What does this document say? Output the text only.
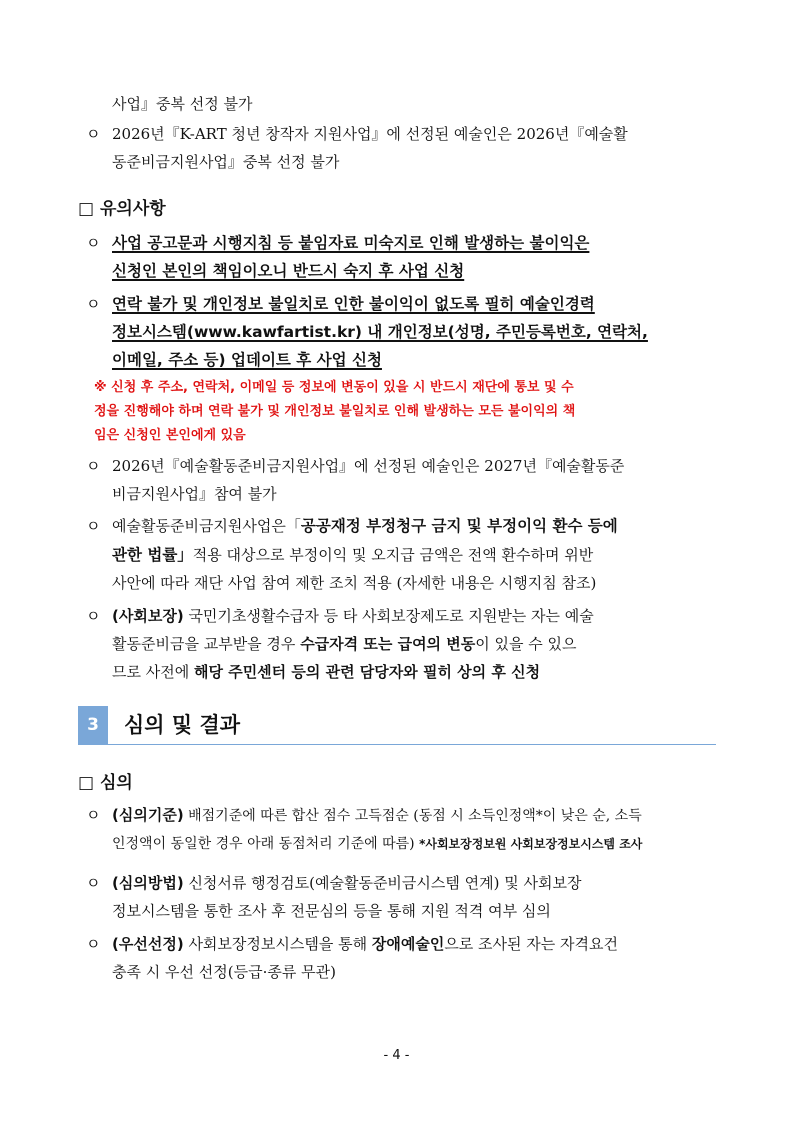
사업』중복 선정 불가
ㅇ 2026년『K-ART 청년 창작자 지원사업』에 선정된 예술인은 2026년『예술활
동준비금지원사업』중복 선정 불가
□ 유의사항
ㅇ 사업 공고문과 시행지침 등 붙임자료 미숙지로 인해 발생하는 불이익은
신청인 본인의 책임이오니 반드시 숙지 후 사업 신청
ㅇ 연락 불가 및 개인정보 불일치로 인한 불이익이 없도록 필히 예술인경력
정보시스템(www.kawfartist.kr) 내 개인정보(성명, 주민등록번호, 연락처,
이메일, 주소 등) 업데이트 후 사업 신청
※ 신청 후 주소, 연락처, 이메일 등 정보에 변동이 있을 시 반드시 재단에 통보 및 수
정을 진행해야 하며 연락 불가 및 개인정보 불일치로 인해 발생하는 모든 불이익의 책
임은 신청인 본인에게 있음
ㅇ 2026년『예술활동준비금지원사업』에 선정된 예술인은 2027년『예술활동준
비금지원사업』참여 불가
ㅇ 예술활동준비금지원사업은「공공재정 부정청구 금지 및 부정이익 환수 등에
관한 법률」적용 대상으로 부정이익 및 오지급 금액은 전액 환수하며 위반
사안에 따라 재단 사업 참여 제한 조치 적용 (자세한 내용은 시행지침 참조)
ㅇ (사회보장) 국민기초생활수급자 등 타 사회보장제도로 지원받는 자는 예술
활동준비금을 교부받을 경우 수급자격 또는 급여의 변동이 있을 수 있으
므로 사전에 해당 주민센터 등의 관련 담당자와 필히 상의 후 신청
3	심의 및 결과
□ 심의
ㅇ (심의기준) 배점기준에 따른 합산 점수 고득점순 (동점 시 소득인정액*이 낮은 순, 소득
인정액이 동일한 경우 아래 동점처리 기준에 따름) *사회보장정보원 사회보장정보시스템 조사
ㅇ (심의방법) 신청서류 행정검토(예술활동준비금시스템 연계) 및 사회보장
정보시스템을 통한 조사 후 전문심의 등을 통해 지원 적격 여부 심의
ㅇ (우선선정) 사회보장정보시스템을 통해 장애예술인으로 조사된 자는 자격요건
충족 시 우선 선정(등급·종류 무관)
- 4 -
